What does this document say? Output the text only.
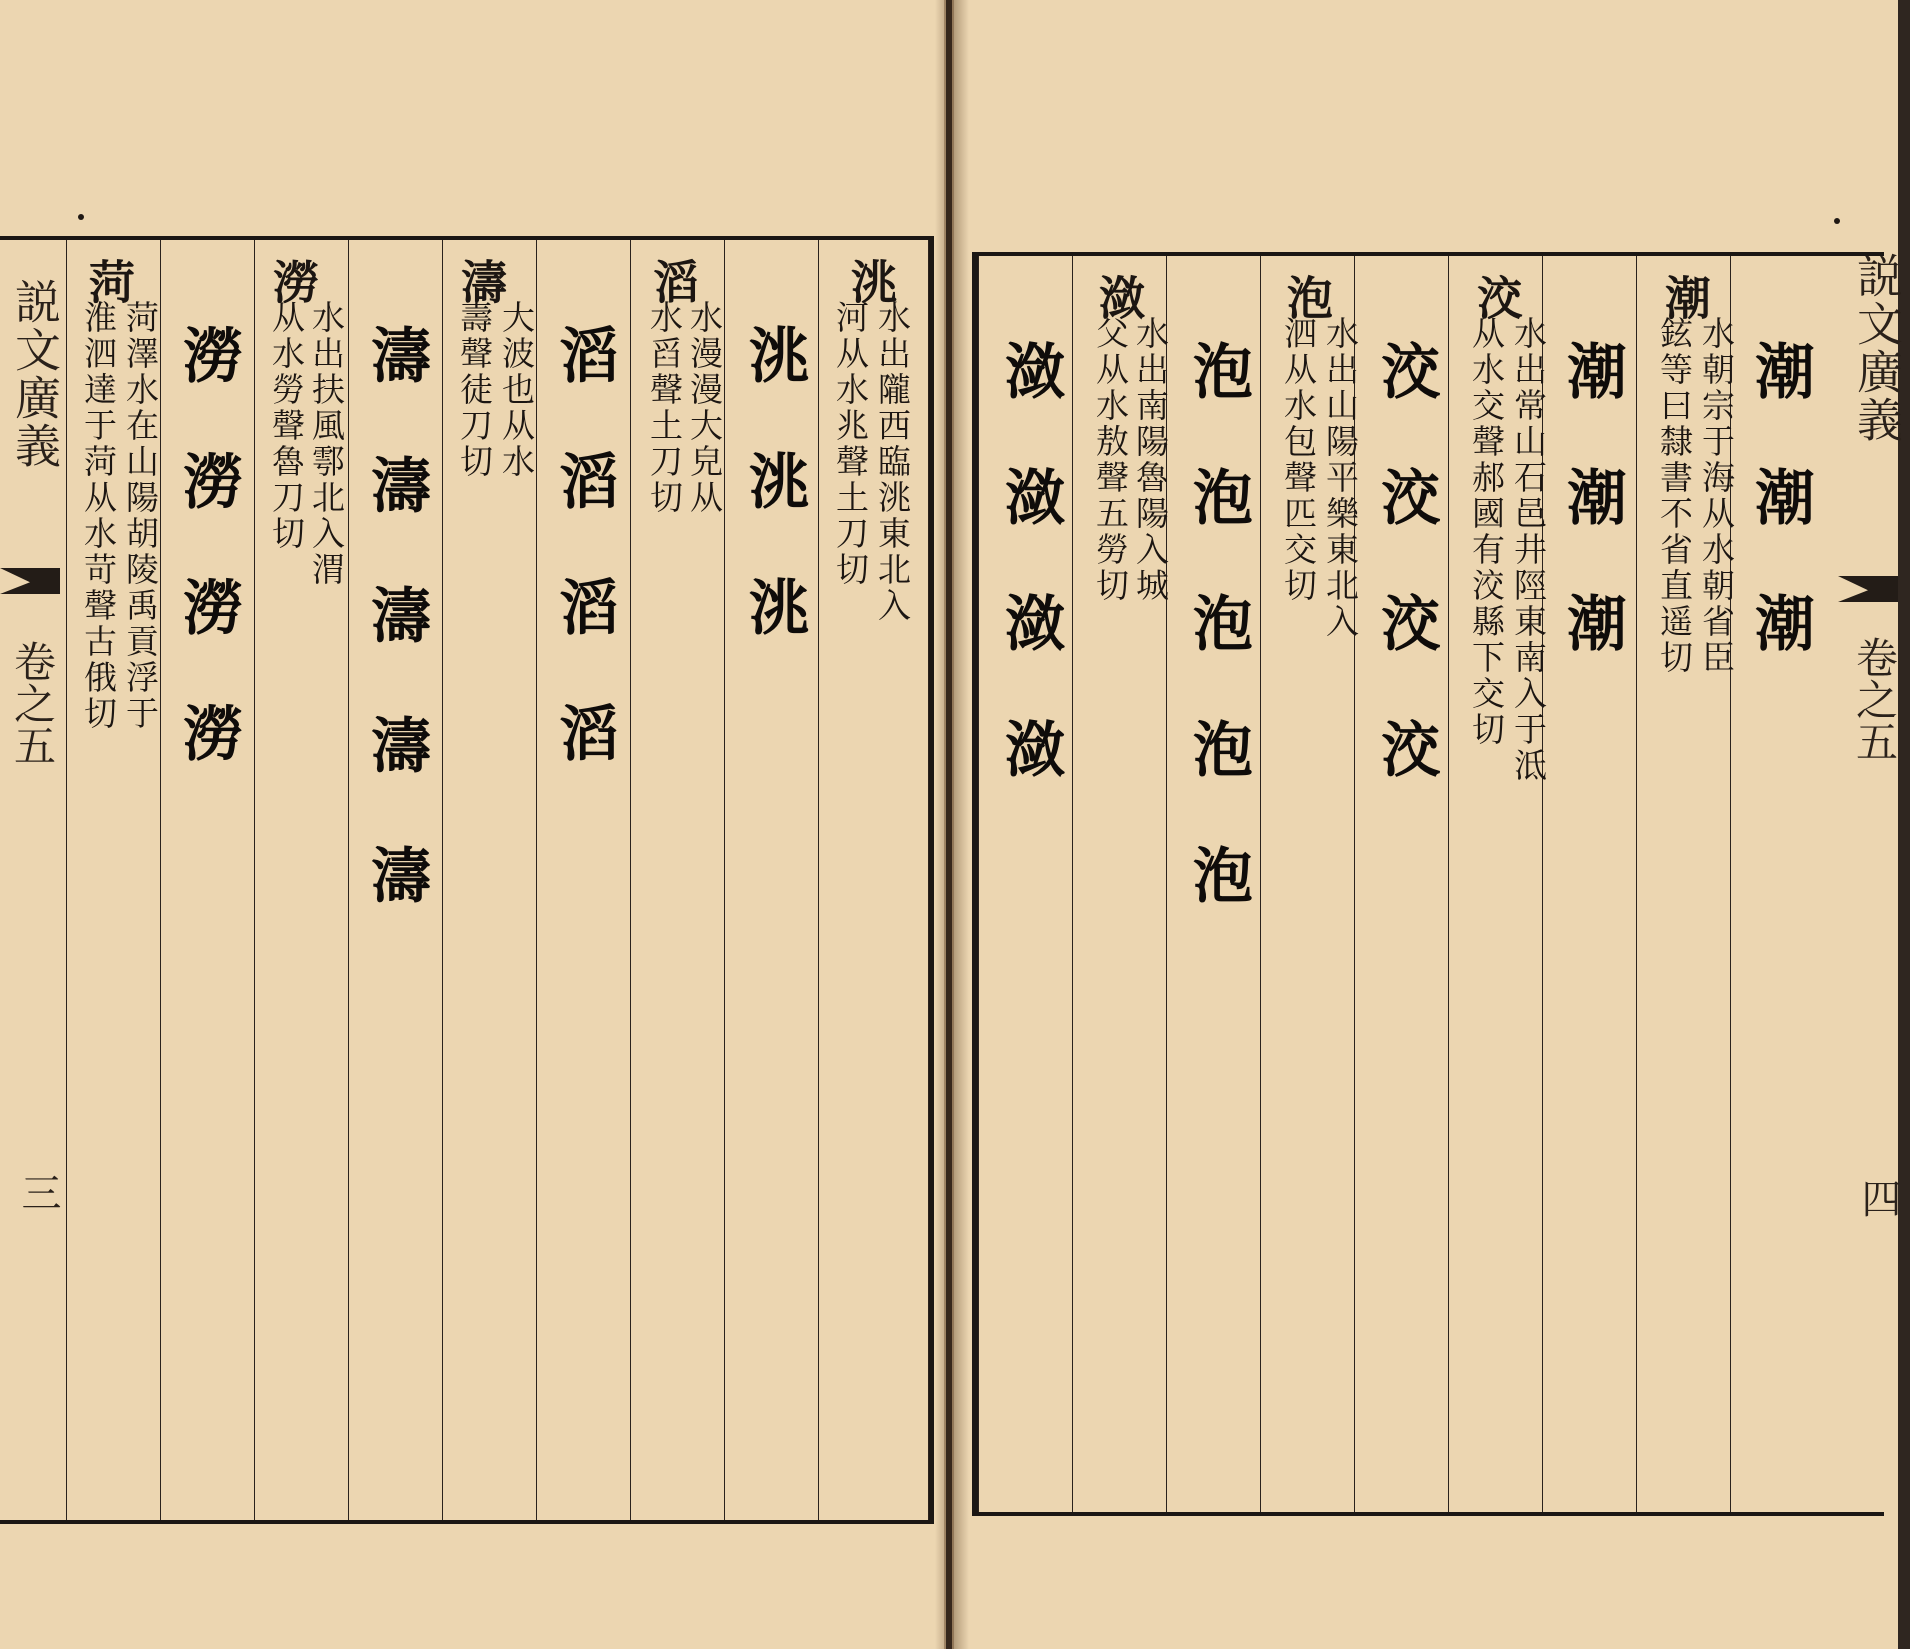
説文廣義
卷之五
三
洮
水出隴西臨洮東北入
河从水兆聲土刀切
洮洮洮
滔
水漫漫大皃从
水舀聲土刀切
滔滔滔滔
濤
大波也从水
壽聲徒刀切
濤濤濤濤濤
澇
水出扶風鄠北入渭
从水勞聲魯刀切
澇澇澇澇
菏
菏澤水在山陽胡陵禹貢浮于
淮泗達于菏从水苛聲古俄切	説文廣義
卷之五
四
潮
水朝宗于海从水朝省臣
鉉等曰隸書不省直遥切 潮潮潮
潮潮潮
洨
水出常山石邑井陘東南入于泜
从水交聲郝國有洨縣下交切
洨洨洨洨
泡
水出山陽平樂東北入
泗从水包聲匹交切
泡泡泡泡泡
潋
水出南陽魯陽入城
父从水敖聲五勞切
潋潋潋潋
